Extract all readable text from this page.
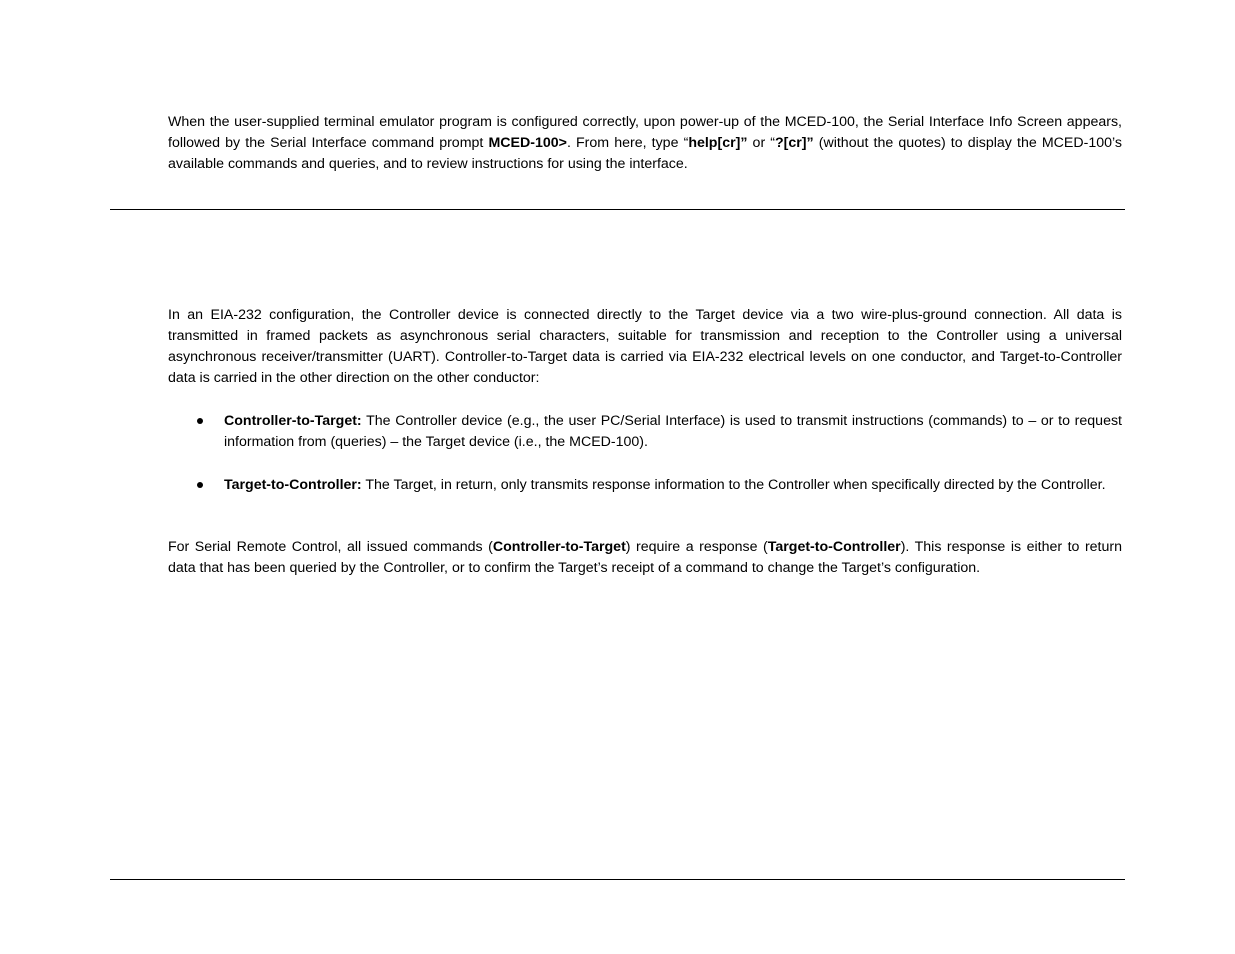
When the user-supplied terminal emulator program is configured correctly, upon power-up of the MCED-100, the Serial Interface Info Screen appears, followed by the Serial Interface command prompt MCED-100>. From here, type “help[cr]” or “?[cr]” (without the quotes) to display the MCED-100’s available commands and queries, and to review instructions for using the interface.

In an EIA-232 configuration, the Controller device is connected directly to the Target device via a two wire-plus-ground connection. All data is transmitted in framed packets as asynchronous serial characters, suitable for transmission and reception to the Controller using a universal asynchronous receiver/transmitter (UART). Controller-to-Target data is carried via EIA-232 electrical levels on one conductor, and Target-to-Controller data is carried in the other direction on the other conductor:

Controller-to-Target: The Controller device (e.g., the user PC/Serial Interface) is used to transmit instructions (commands) to – or to request information from (queries) – the Target device (i.e., the MCED-100).
Target-to-Controller: The Target, in return, only transmits response information to the Controller when specifically directed by the Controller.

For Serial Remote Control, all issued commands (Controller-to-Target) require a response (Target-to-Controller). This response is either to return data that has been queried by the Controller, or to confirm the Target’s receipt of a command to change the Target’s configuration.
